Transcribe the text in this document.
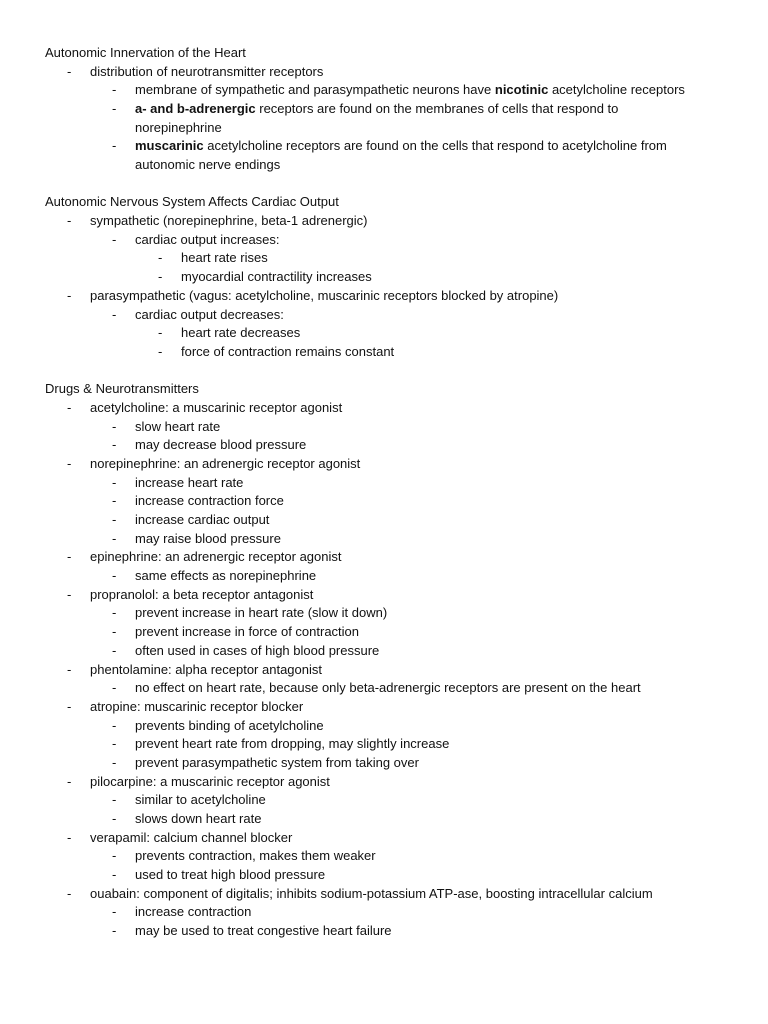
Autonomic Innervation of the Heart
- distribution of neurotransmitter receptors
- membrane of sympathetic and parasympathetic neurons have nicotinic acetylcholine receptors
- a- and b-adrenergic receptors are found on the membranes of cells that respond to
norepinephrine
- muscarinic acetylcholine receptors are found on the cells that respond to acetylcholine from
autonomic nerve endings
Autonomic Nervous System Affects Cardiac Output
- sympathetic (norepinephrine, beta-1 adrenergic)
- cardiac output increases:
- heart rate rises
- myocardial contractility increases
- parasympathetic (vagus: acetylcholine, muscarinic receptors blocked by atropine)
- cardiac output decreases:
- heart rate decreases
- force of contraction remains constant
Drugs & Neurotransmitters
- acetylcholine: a muscarinic receptor agonist
- slow heart rate
- may decrease blood pressure
- norepinephrine: an adrenergic receptor agonist
- increase heart rate
- increase contraction force
- increase cardiac output
- may raise blood pressure
- epinephrine: an adrenergic receptor agonist
- same effects as norepinephrine
- propranolol: a beta receptor antagonist
- prevent increase in heart rate (slow it down)
- prevent increase in force of contraction
- often used in cases of high blood pressure
- phentolamine: alpha receptor antagonist
- no effect on heart rate, because only beta-adrenergic receptors are present on the heart
- atropine: muscarinic receptor blocker
- prevents binding of acetylcholine
- prevent heart rate from dropping, may slightly increase
- prevent parasympathetic system from taking over
- pilocarpine: a muscarinic receptor agonist
- similar to acetylcholine
- slows down heart rate
- verapamil: calcium channel blocker
- prevents contraction, makes them weaker
- used to treat high blood pressure
- ouabain: component of digitalis; inhibits sodium-potassium ATP-ase, boosting intracellular calcium
- increase contraction
- may be used to treat congestive heart failure
